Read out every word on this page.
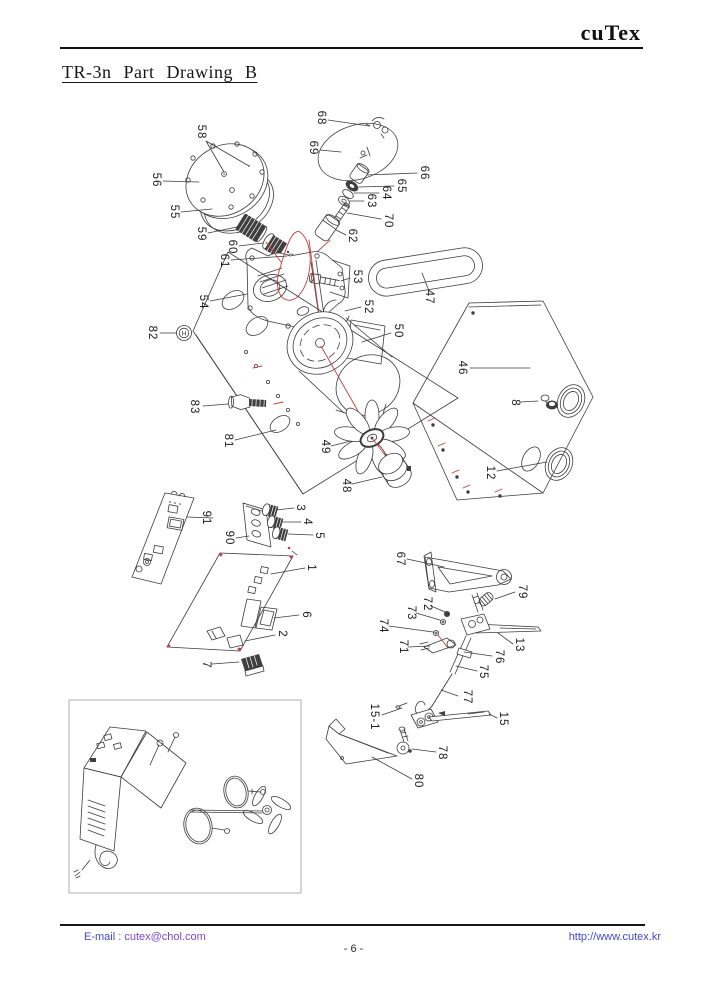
cuTex
TR-3n Part Drawing B
H
58
56
55
59
60
61
54
82
83
81
68
69
66
65
64
63
70
62
53
52
50
47
46
8
12
49
48
91
90
3
4
5
1
6
2
7
67
79
72
73
74
71	13
76
75
77
15-1	15
78
80
E-mail : cutex@chol.com	http://www.cutex.kr
- 6 -
